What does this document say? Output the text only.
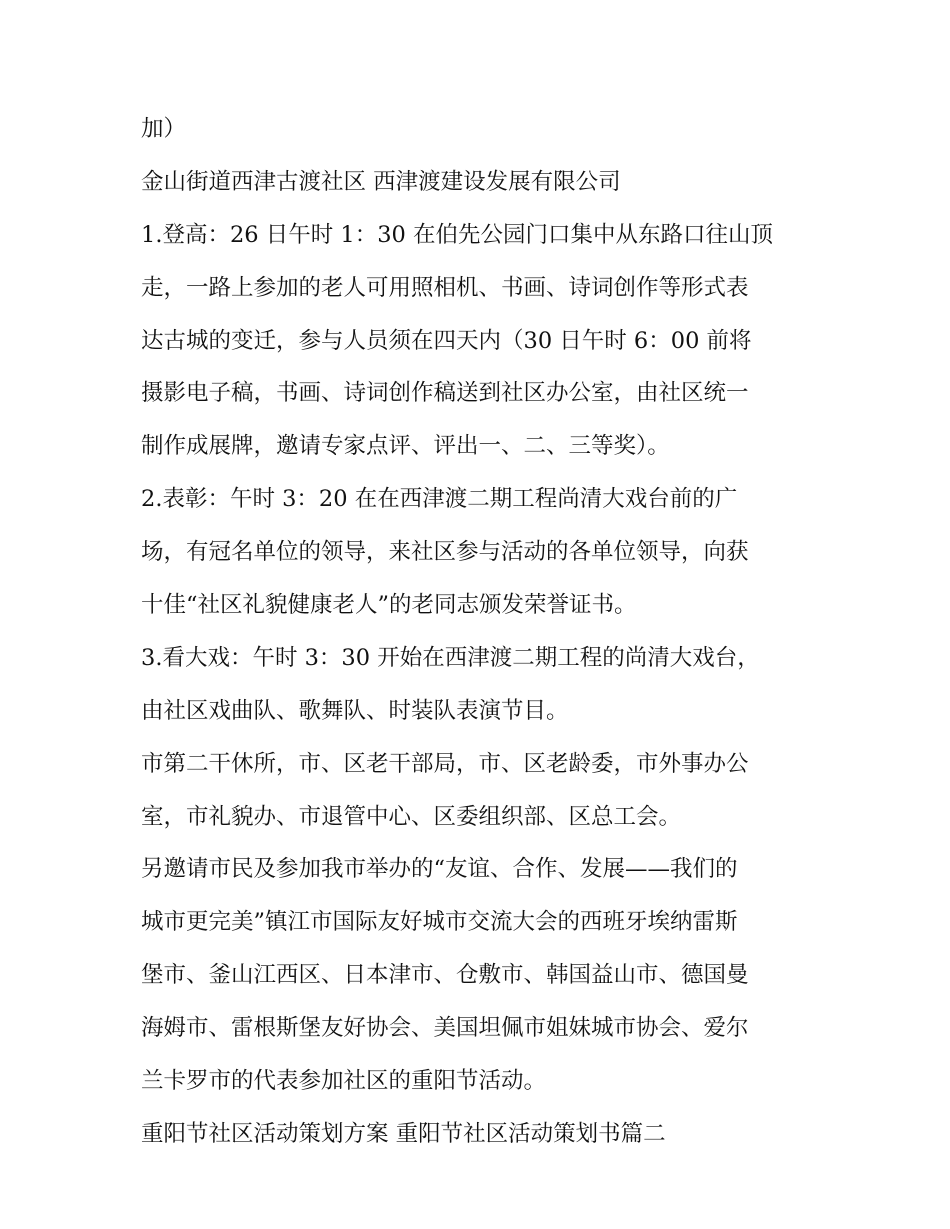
加）
金山街道西津古渡社区 西津渡建设发展有限公司
1.登高：26 日午时 1：30 在伯先公园门口集中从东路口往山顶
走，一路上参加的老人可用照相机、书画、诗词创作等形式表
达古城的变迁，参与人员须在四天内（30 日午时 6：00 前将
摄影电子稿，书画、诗词创作稿送到社区办公室，由社区统一
制作成展牌，邀请专家点评、评出一、二、三等奖）。
2.表彰：午时 3：20 在在西津渡二期工程尚清大戏台前的广
场，有冠名单位的领导，来社区参与活动的各单位领导，向获
十佳“社区礼貌健康老人”的老同志颁发荣誉证书。
3.看大戏：午时 3：30 开始在西津渡二期工程的尚清大戏台，
由社区戏曲队、歌舞队、时装队表演节目。
市第二干休所，市、区老干部局，市、区老龄委，市外事办公
室，市礼貌办、市退管中心、区委组织部、区总工会。
另邀请市民及参加我市举办的“友谊、合作、发展——我们的
城市更完美”镇江市国际友好城市交流大会的西班牙埃纳雷斯
堡市、釜山江西区、日本津市、仓敷市、韩国益山市、德国曼
海姆市、雷根斯堡友好协会、美国坦佩市姐妹城市协会、爱尔
兰卡罗市的代表参加社区的重阳节活动。
重阳节社区活动策划方案 重阳节社区活动策划书篇二
